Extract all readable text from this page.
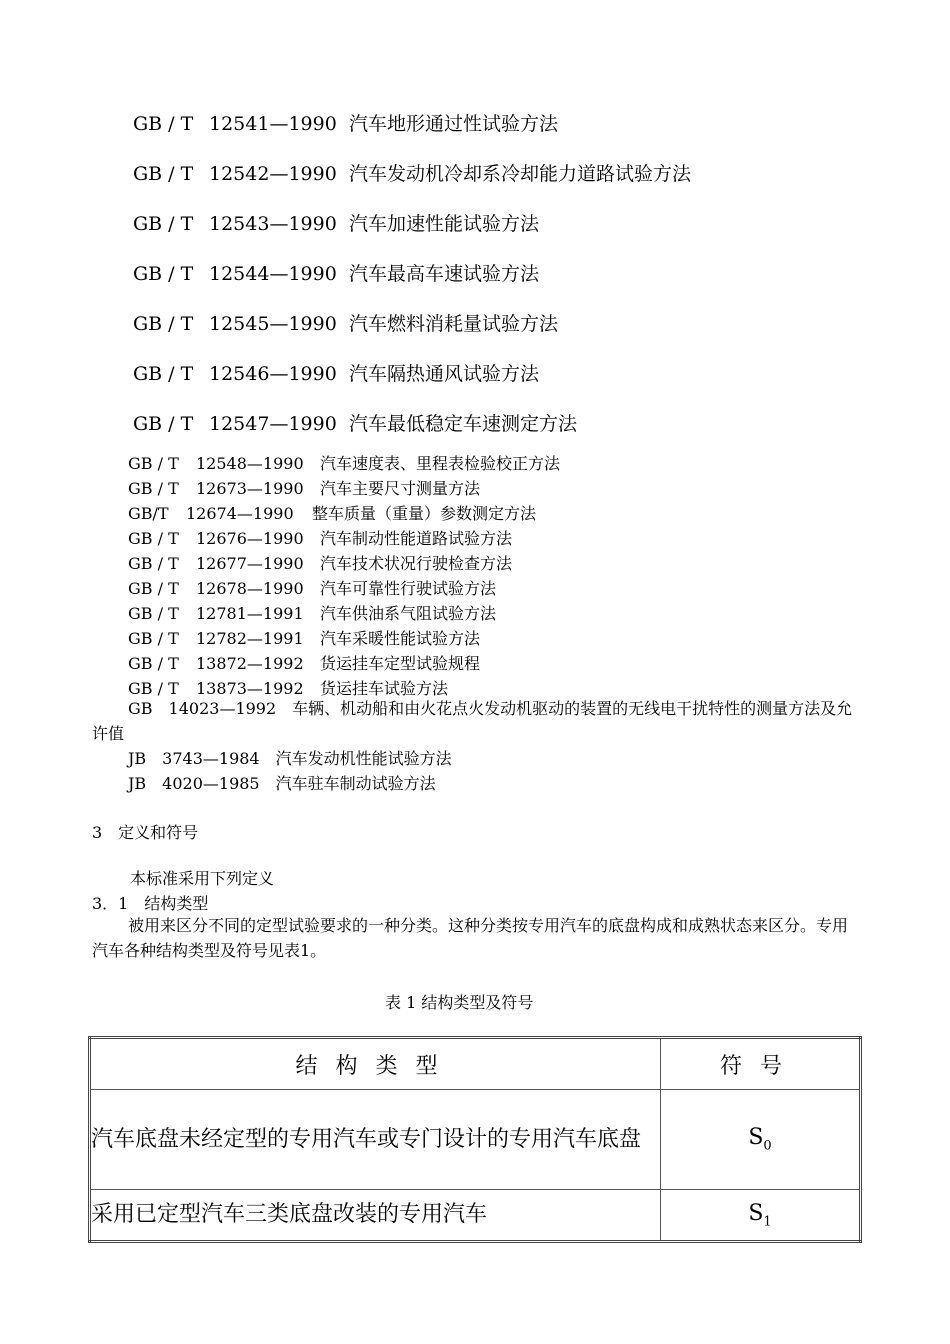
GB / T 12541—1990 汽车地形通过性试验方法
GB / T 12542—1990 汽车发动机冷却系冷却能力道路试验方法
GB / T 12543—1990 汽车加速性能试验方法
GB / T 12544—1990 汽车最高车速试验方法
GB / T 12545—1990 汽车燃料消耗量试验方法
GB / T 12546—1990 汽车隔热通风试验方法
GB / T 12547—1990 汽车最低稳定车速测定方法
GB / T 12548—1990 汽车速度表、里程表检验校正方法
GB / T 12673—1990 汽车主要尺寸测量方法
GB/T 12674—1990 整车质量（重量）参数测定方法
GB / T 12676—1990 汽车制动性能道路试验方法
GB / T 12677—1990 汽车技术状况行驶检查方法
GB / T 12678—1990 汽车可靠性行驶试验方法
GB / T 12781—1991 汽车供油系气阻试验方法
GB / T 12782—1991 汽车采暖性能试验方法
GB / T 13872—1992 货运挂车定型试验规程
GB / T 13873—1992 货运挂车试验方法
GB　14023—1992　车辆、机动船和由火花点火发动机驱动的装置的无线电干扰特性的测量方法及允许值
JB　3743—1984　汽车发动机性能试验方法
JB　4020—1985　汽车驻车制动试验方法
3　定义和符号
本标准采用下列定义
3．1　结构类型
被用来区分不同的定型试验要求的一种分类。这种分类按专用汽车的底盘构成和成熟状态来区分。专用汽车各种结构类型及符号见表1。
表 1 结构类型及符号
结构类型	符号
汽车底盘未经定型的专用汽车或专门设计的专用汽车底盘	$S_0$
采用已定型汽车三类底盘改装的专用汽车	$S_1$
